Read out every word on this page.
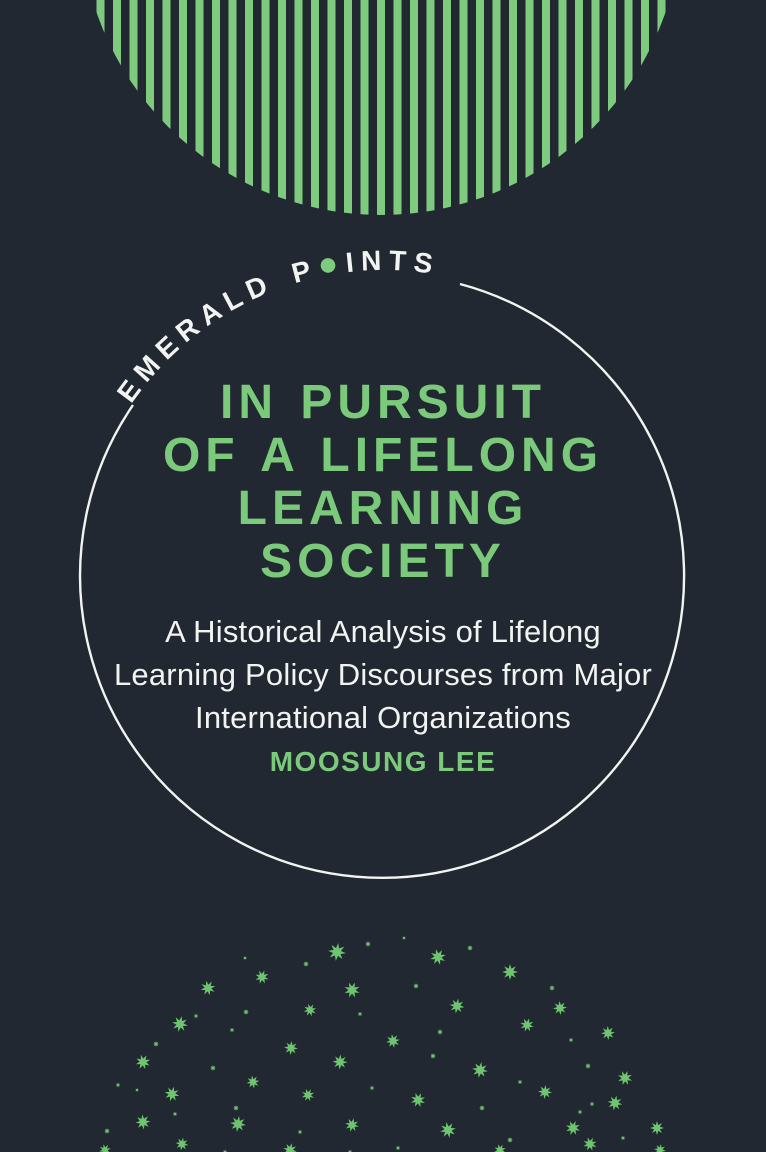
EMERALD P●INTS
IN PURSUIT
OF A LIFELONG
LEARNING
SOCIETY
A Historical Analysis of Lifelong
Learning Policy Discourses from Major
International Organizations
MOOSUNG LEE
